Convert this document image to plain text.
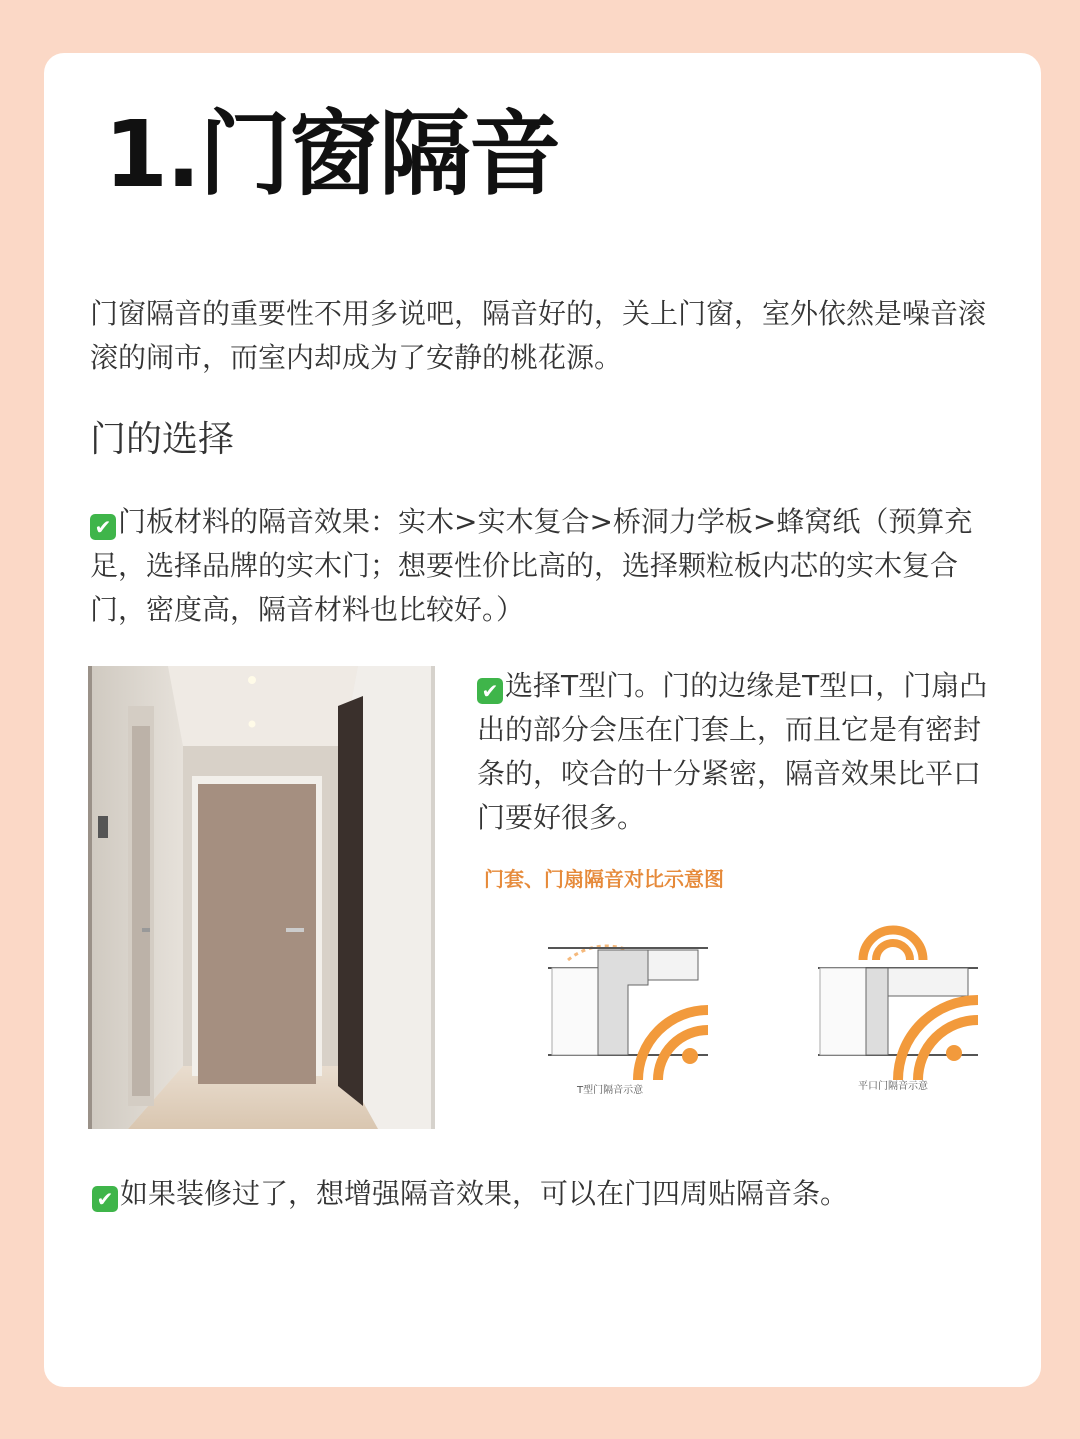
1.门窗隔音
门窗隔音的重要性不用多说吧，隔音好的，关上门窗，室外依然是噪音滚滚的闹市，而室内却成为了安静的桃花源。
门的选择
✔ 门板材料的隔音效果：实木>实木复合>桥洞力学板>蜂窝纸（预算充足，选择品牌的实木门；想要性价比高的，选择颗粒板内芯的实木复合门，密度高，隔音材料也比较好。）
✔ 选择T型门。门的边缘是T型口，门扇凸出的部分会压在门套上，而且它是有密封条的，咬合的十分紧密，隔音效果比平口门要好很多。
门套、门扇隔音对比示意图
T型门隔音示意	平口门隔音示意
✔ 如果装修过了，想增强隔音效果，可以在门四周贴隔音条。
